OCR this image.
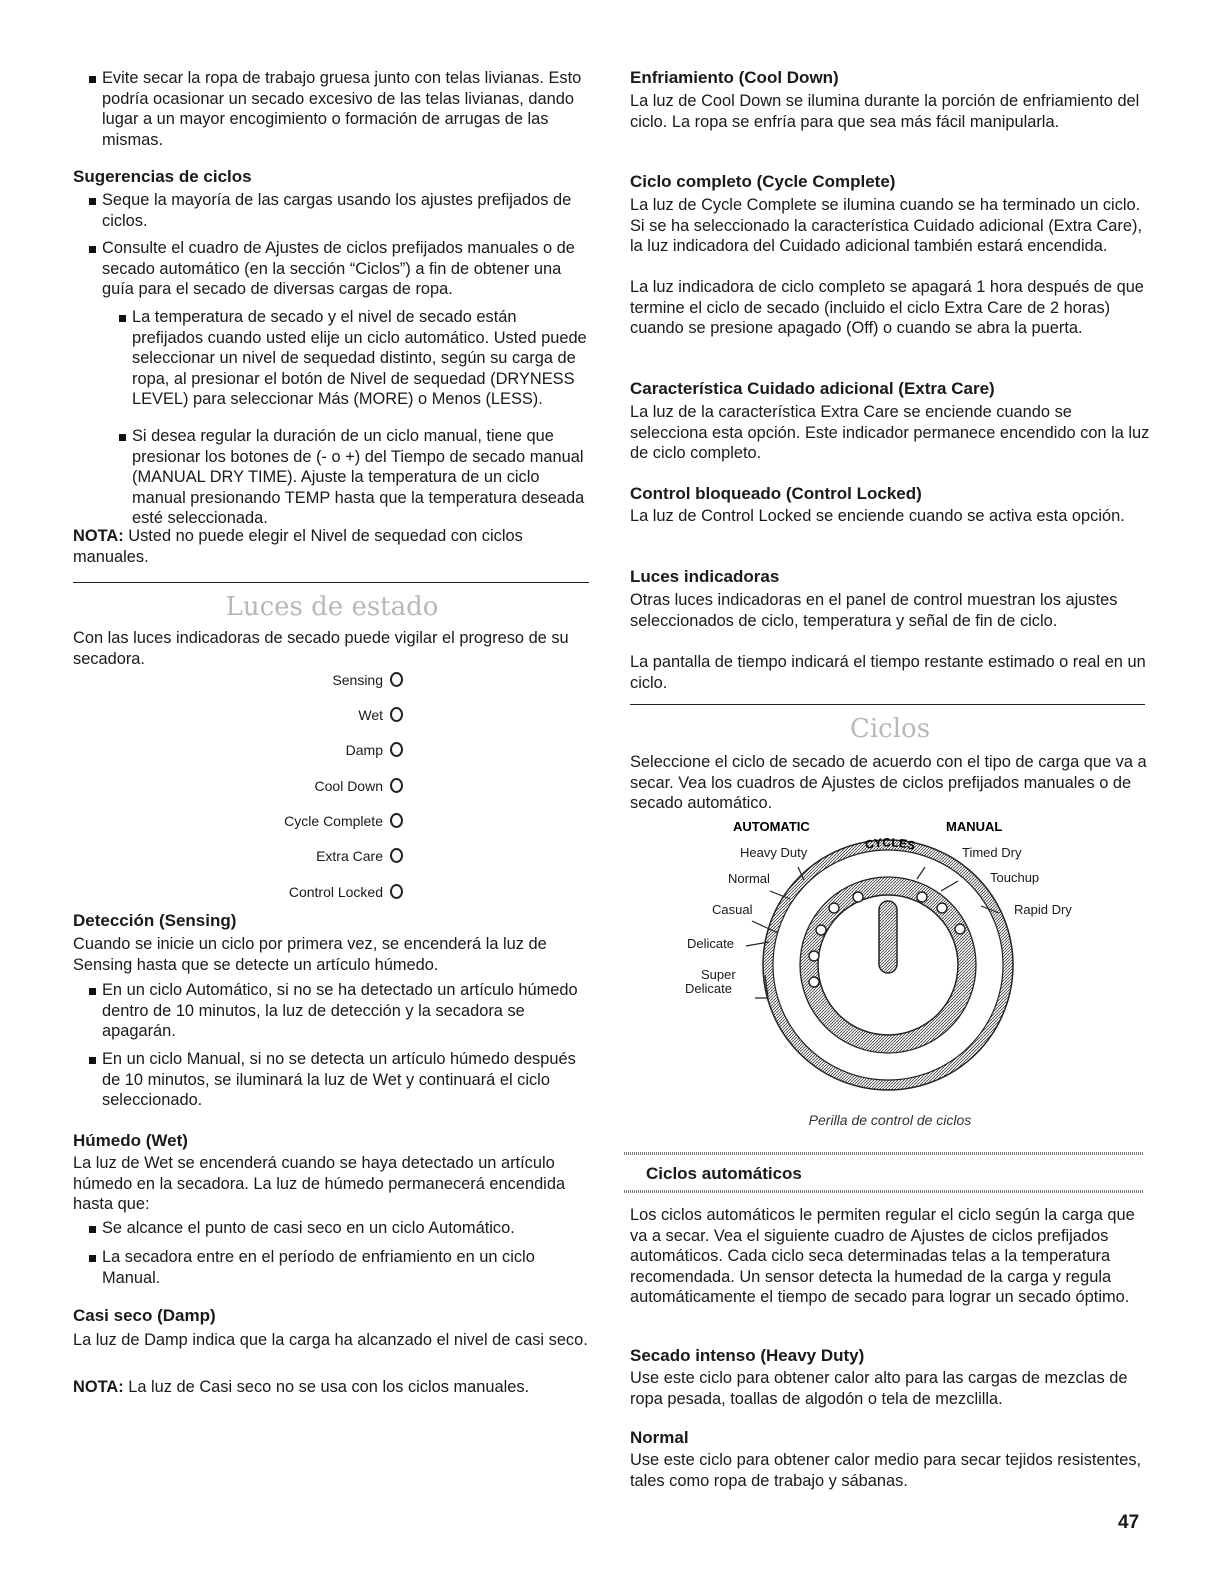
Evite secar la ropa de trabajo gruesa junto con telas livianas. Esto podría ocasionar un secado excesivo de las telas livianas, dando lugar a un mayor encogimiento o formación de arrugas de las mismas.
Sugerencias de ciclos
Seque la mayoría de las cargas usando los ajustes prefijados de ciclos.
Consulte el cuadro de Ajustes de ciclos prefijados manuales o de secado automático (en la sección “Ciclos”) a fin de obtener una guía para el secado de diversas cargas de ropa.
La temperatura de secado y el nivel de secado están prefijados cuando usted elije un ciclo automático. Usted puede seleccionar un nivel de sequedad distinto, según su carga de ropa, al presionar el botón de Nivel de sequedad (DRYNESS LEVEL) para seleccionar Más (MORE) o Menos (LESS).
Si desea regular la duración de un ciclo manual, tiene que presionar los botones de (- o +) del Tiempo de secado manual (MANUAL DRY TIME). Ajuste la temperatura de un ciclo manual presionando TEMP hasta que la temperatura deseada esté seleccionada.
NOTA: Usted no puede elegir el Nivel de sequedad con ciclos manuales.
Luces de estado
Con las luces indicadoras de secado puede vigilar el progreso de su secadora.
Sensing
Wet
Damp
Cool Down
Cycle Complete
Extra Care
Control Locked
Detección (Sensing)
Cuando se inicie un ciclo por primera vez, se encenderá la luz de Sensing hasta que se detecte un artículo húmedo.
En un ciclo Automático, si no se ha detectado un artículo húmedo dentro de 10 minutos, la luz de detección y la secadora se apagarán.
En un ciclo Manual, si no se detecta un artículo húmedo después de 10 minutos, se iluminará la luz de Wet y continuará el ciclo seleccionado.
Húmedo (Wet)
La luz de Wet se encenderá cuando se haya detectado un artículo húmedo en la secadora. La luz de húmedo permanecerá encendida hasta que:
Se alcance el punto de casi seco en un ciclo Automático.
La secadora entre en el período de enfriamiento en un ciclo Manual.
Casi seco (Damp)
La luz de Damp indica que la carga ha alcanzado el nivel de casi seco.
NOTA: La luz de Casi seco no se usa con los ciclos manuales.
Enfriamiento (Cool Down)
La luz de Cool Down se ilumina durante la porción de enfriamiento del ciclo. La ropa se enfría para que sea más fácil manipularla.
Ciclo completo (Cycle Complete)
La luz de Cycle Complete se ilumina cuando se ha terminado un ciclo. Si se ha seleccionado la característica Cuidado adicional (Extra Care), la luz indicadora del Cuidado adicional también estará encendida.
La luz indicadora de ciclo completo se apagará 1 hora después de que termine el ciclo de secado (incluido el ciclo Extra Care de 2 horas) cuando se presione apagado (Off) o cuando se abra la puerta.
Característica Cuidado adicional (Extra Care)
La luz de la característica Extra Care se enciende cuando se selecciona esta opción. Este indicador permanece encendido con la luz de ciclo completo.
Control bloqueado (Control Locked)
La luz de Control Locked se enciende cuando se activa esta opción.
Luces indicadoras
Otras luces indicadoras en el panel de control muestran los ajustes seleccionados de ciclo, temperatura y señal de fin de ciclo.
La pantalla de tiempo indicará el tiempo restante estimado o real en un ciclo.
Ciclos
Seleccione el ciclo de secado de acuerdo con el tipo de carga que va a secar. Vea los cuadros de Ajustes de ciclos prefijados manuales o de secado automático.
AUTOMATIC	MANUAL
CYCLES
Heavy Duty
Normal
Casual
Delicate
Super
Delicate
Timed Dry
Touchup
Rapid Dry
Perilla de control de ciclos
Ciclos automáticos
Los ciclos automáticos le permiten regular el ciclo según la carga que va a secar. Vea el siguiente cuadro de Ajustes de ciclos prefijados automáticos. Cada ciclo seca determinadas telas a la temperatura recomendada. Un sensor detecta la humedad de la carga y regula automáticamente el tiempo de secado para lograr un secado óptimo.
Secado intenso (Heavy Duty)
Use este ciclo para obtener calor alto para las cargas de mezclas de ropa pesada, toallas de algodón o tela de mezclilla.
Normal
Use este ciclo para obtener calor medio para secar tejidos resistentes, tales como ropa de trabajo y sábanas.
47
